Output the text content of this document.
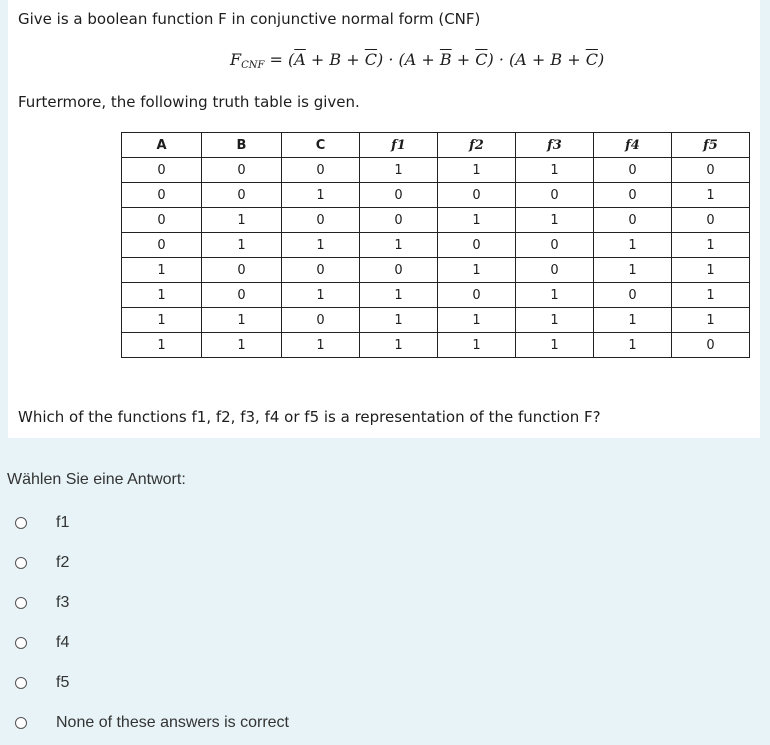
Give is a boolean function F in conjunctive normal form (CNF)
$F_{CNF} = (\overline{A} + B + \overline{C}) \cdot (A + \overline{B} + \overline{C}) \cdot (A + B + \overline{C})$
Furtermore, the following truth table is given.
A	B	C	f1	f2	f3	f4	f5
0	0	0	1	1	1	0	0
0	0	1	0	0	0	0	1
0	1	0	0	1	1	0	0
0	1	1	1	0	0	1	1
1	0	0	0	1	0	1	1
1	0	1	1	0	1	0	1
1	1	0	1	1	1	1	1
1	1	1	1	1	1	1	0
Which of the functions f1, f2, f3, f4 or f5 is a representation of the function F?
Wählen Sie eine Antwort:
f1
f2
f3
f4
f5
None of these answers is correct
